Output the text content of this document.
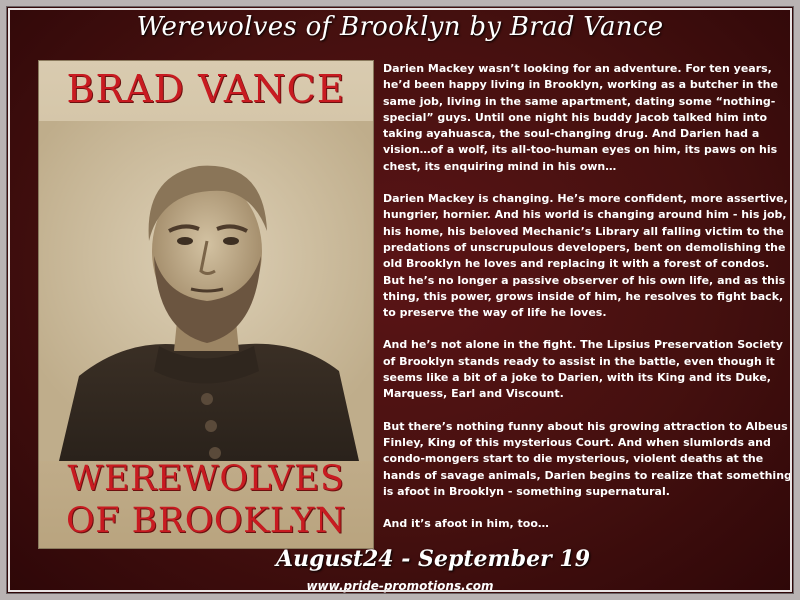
Werewolves of Brooklyn by Brad Vance
BRAD VANCE
WEREWOLVES
OF BROOKLYN

Darien Mackey wasn’t looking for an adventure. For ten years, he’d been happy living in Brooklyn, working as a butcher in the same job, living in the same apartment, dating some “nothing-special” guys. Until one night his buddy Jacob talked him into taking ayahuasca, the soul-changing drug. And Darien had a vision…of a wolf, its all-too-human eyes on him, its paws on his chest, its enquiring mind in his own…

Darien Mackey is changing. He’s more confident, more assertive, hungrier, hornier. And his world is changing around him - his job, his home, his beloved Mechanic’s Library all falling victim to the predations of unscrupulous developers, bent on demolishing the old Brooklyn he loves and replacing it with a forest of condos. But he’s no longer a passive observer of his own life, and as this thing, this power, grows inside of him, he resolves to fight back, to preserve the way of life he loves.

And he’s not alone in the fight. The Lipsius Preservation Society of Brooklyn stands ready to assist in the battle, even though it seems like a bit of a joke to Darien, with its King and its Duke, Marquess, Earl and Viscount.

But there’s nothing funny about his growing attraction to Albeus Finley, King of this mysterious Court. And when slumlords and condo-mongers start to die mysterious, violent deaths at the hands of savage animals, Darien begins to realize that something is afoot in Brooklyn - something supernatural.

And it’s afoot in him, too…

August24 - September 19
www.pride-promotions.com
